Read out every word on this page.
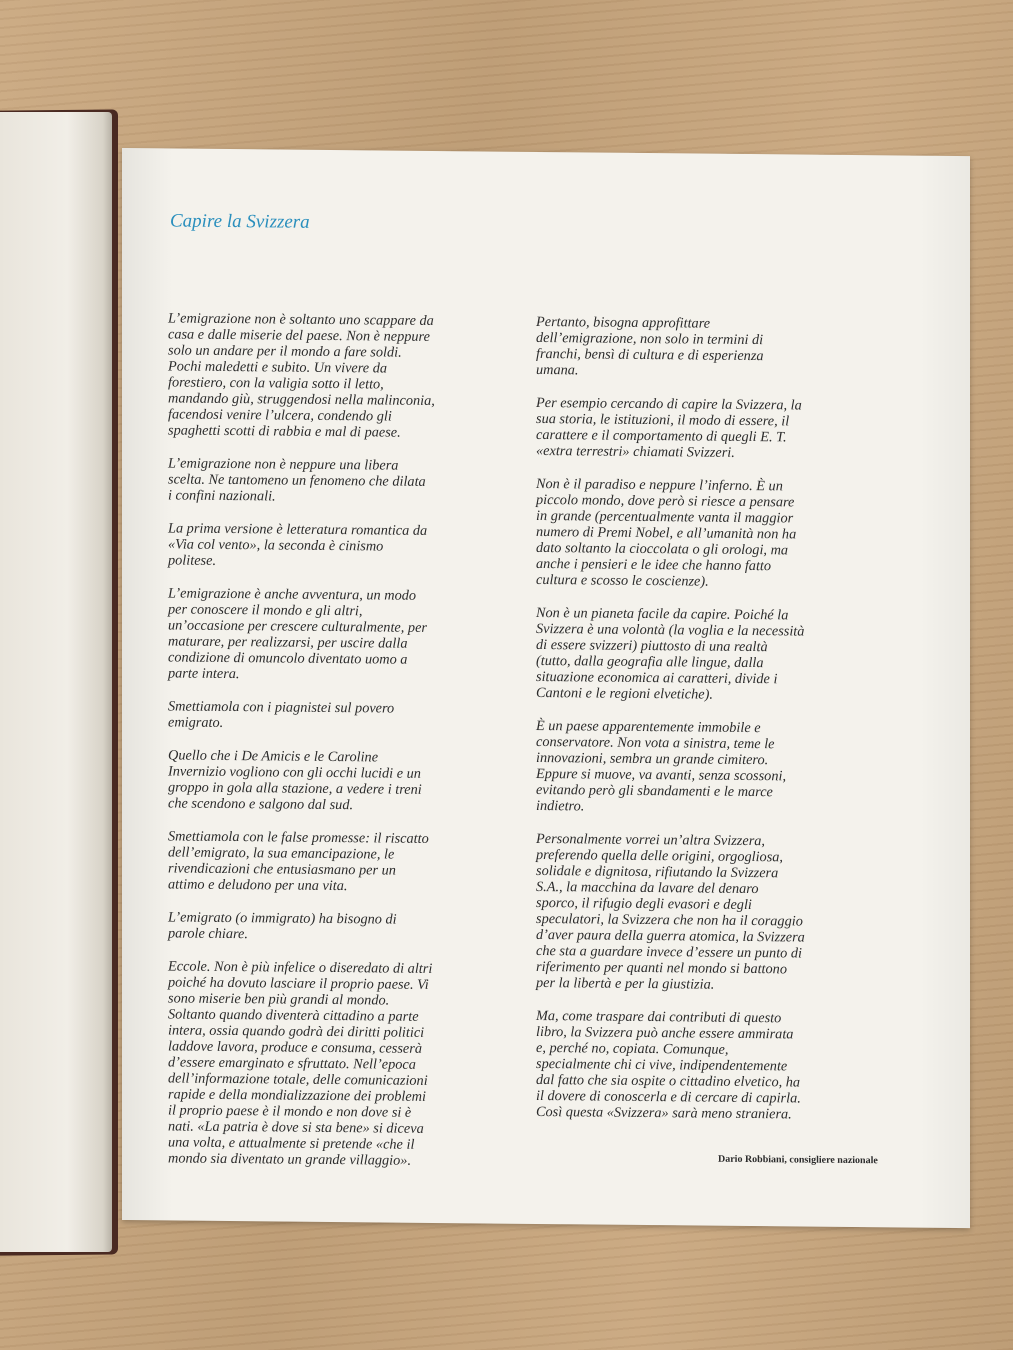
Capire la Svizzera

L’emigrazione non è soltanto uno scappare da
casa e dalle miserie del paese. Non è neppure
solo un andare per il mondo a fare soldi.
Pochi maledetti e subito. Un vivere da
forestiero, con la valigia sotto il letto,
mandando giù, struggendosi nella malinconia,
facendosi venire l’ulcera, condendo gli
spaghetti scotti di rabbia e mal di paese.

L’emigrazione non è neppure una libera
scelta. Ne tantomeno un fenomeno che dilata
i confini nazionali.

La prima versione è letteratura romantica da
«Via col vento», la seconda è cinismo
politese.

L’emigrazione è anche avventura, un modo
per conoscere il mondo e gli altri,
un’occasione per crescere culturalmente, per
maturare, per realizzarsi, per uscire dalla
condizione di omuncolo diventato uomo a
parte intera.

Smettiamola con i piagnistei sul povero
emigrato.

Quello che i De Amicis e le Caroline
Invernizio vogliono con gli occhi lucidi e un
groppo in gola alla stazione, a vedere i treni
che scendono e salgono dal sud.

Smettiamola con le false promesse: il riscatto
dell’emigrato, la sua emancipazione, le
rivendicazioni che entusiasmano per un
attimo e deludono per una vita.

L’emigrato (o immigrato) ha bisogno di
parole chiare.

Eccole. Non è più infelice o diseredato di altri
poiché ha dovuto lasciare il proprio paese. Vi
sono miserie ben più grandi al mondo.
Soltanto quando diventerà cittadino a parte
intera, ossia quando godrà dei diritti politici
laddove lavora, produce e consuma, cesserà
d’essere emarginato e sfruttato. Nell’epoca
dell’informazione totale, delle comunicazioni
rapide e della mondializzazione dei problemi
il proprio paese è il mondo e non dove si è
nati. «La patria è dove si sta bene» si diceva
una volta, e attualmente si pretende «che il
mondo sia diventato un grande villaggio».

Pertanto, bisogna approfittare
dell’emigrazione, non solo in termini di
franchi, bensì di cultura e di esperienza
umana.

Per esempio cercando di capire la Svizzera, la
sua storia, le istituzioni, il modo di essere, il
carattere e il comportamento di quegli E. T.
«extra terrestri» chiamati Svizzeri.

Non è il paradiso e neppure l’inferno. È un
piccolo mondo, dove però si riesce a pensare
in grande (percentualmente vanta il maggior
numero di Premi Nobel, e all’umanità non ha
dato soltanto la cioccolata o gli orologi, ma
anche i pensieri e le idee che hanno fatto
cultura e scosso le coscienze).

Non è un pianeta facile da capire. Poiché la
Svizzera è una volontà (la voglia e la necessità
di essere svizzeri) piuttosto di una realtà
(tutto, dalla geografia alle lingue, dalla
situazione economica ai caratteri, divide i
Cantoni e le regioni elvetiche).

È un paese apparentemente immobile e
conservatore. Non vota a sinistra, teme le
innovazioni, sembra un grande cimitero.
Eppure si muove, va avanti, senza scossoni,
evitando però gli sbandamenti e le marce
indietro.

Personalmente vorrei un’altra Svizzera,
preferendo quella delle origini, orgogliosa,
solidale e dignitosa, rifiutando la Svizzera
S.A., la macchina da lavare del denaro
sporco, il rifugio degli evasori e degli
speculatori, la Svizzera che non ha il coraggio
d’aver paura della guerra atomica, la Svizzera
che sta a guardare invece d’essere un punto di
riferimento per quanti nel mondo si battono
per la libertà e per la giustizia.

Ma, come traspare dai contributi di questo
libro, la Svizzera può anche essere ammirata
e, perché no, copiata. Comunque,
specialmente chi ci vive, indipendentemente
dal fatto che sia ospite o cittadino elvetico, ha
il dovere di conoscerla e di cercare di capirla.
Così questa «Svizzera» sarà meno straniera.

Dario Robbiani, consigliere nazionale
